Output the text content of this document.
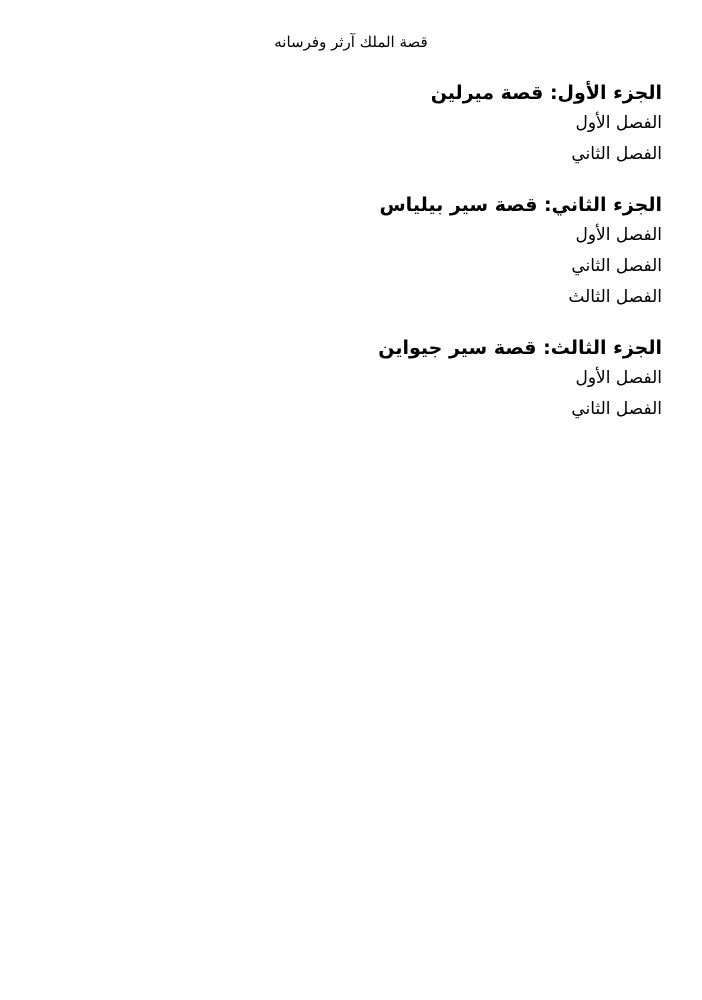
قصة الملك آرثر وفرسانه
الجزء الأول: قصة ميرلين
الفصل الأول
الفصل الثاني
الجزء الثاني: قصة سير بيلياس
الفصل الأول
الفصل الثاني
الفصل الثالث
الجزء الثالث: قصة سير جيواين
الفصل الأول
الفصل الثاني
